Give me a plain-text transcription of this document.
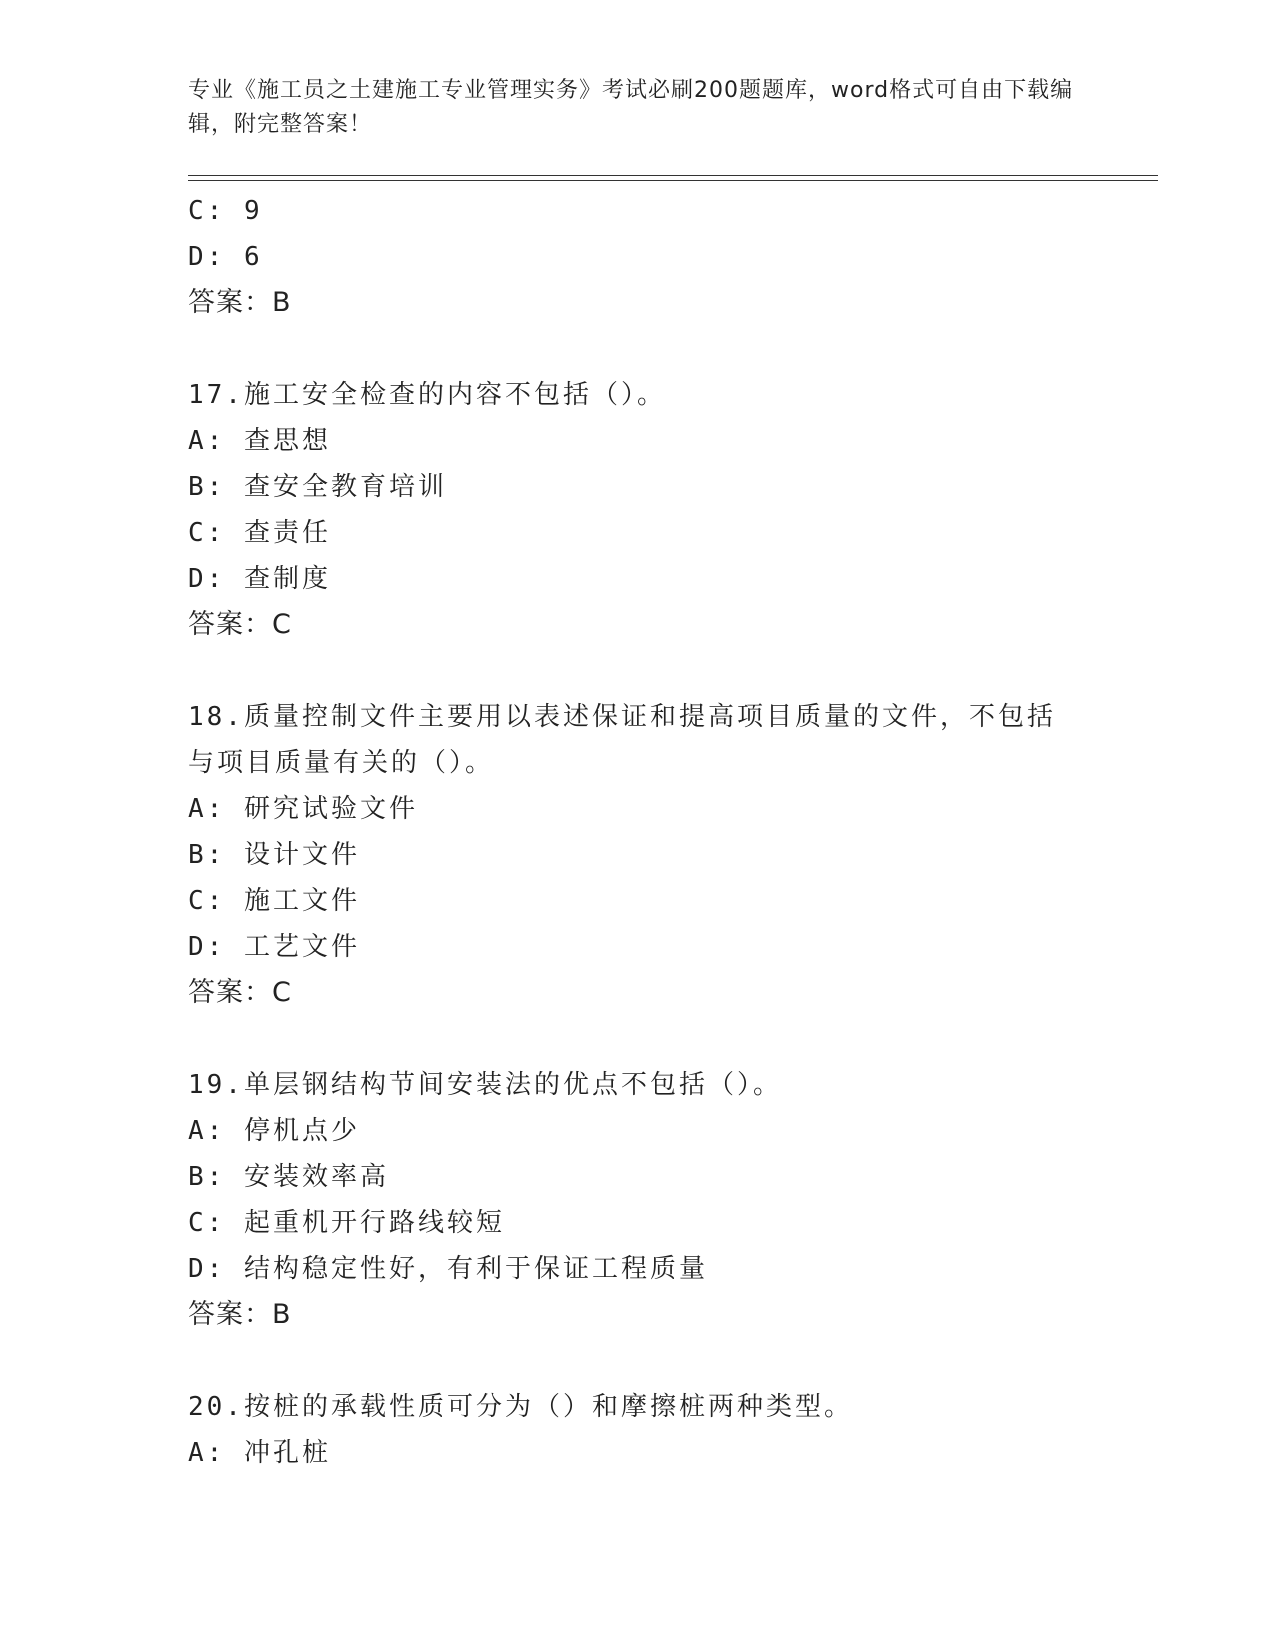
专业《施工员之土建施工专业管理实务》考试必刷200题题库，word格式可自由下载编辑，附完整答案！
C: 9
D: 6
答案：B
17.施工安全检查的内容不包括（）。
A: 查思想
B: 查安全教育培训
C: 查责任
D: 查制度
答案：C
18.质量控制文件主要用以表述保证和提高项目质量的文件，不包括与项目质量有关的（）。
A: 研究试验文件
B: 设计文件
C: 施工文件
D: 工艺文件
答案：C
19.单层钢结构节间安装法的优点不包括（）。
A: 停机点少
B: 安装效率高
C: 起重机开行路线较短
D: 结构稳定性好，有利于保证工程质量
答案：B
20.按桩的承载性质可分为（）和摩擦桩两种类型。
A: 冲孔桩
